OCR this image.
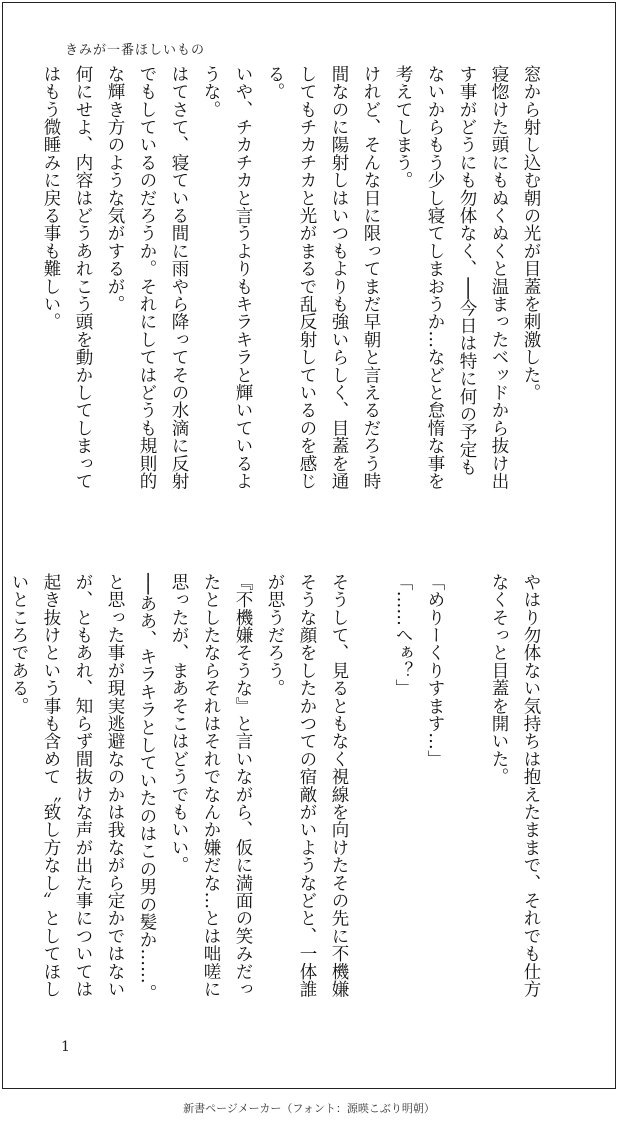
きみが一番ほしいもの

窓から射し込む朝の光が目蓋を刺激した。

寝惚けた頭にもぬくぬくと温まったベッドから抜け出

す事がどうにも勿体なく、──今日は特に何の予定も

ないからもう少し寝てしまおうか…などと怠惰な事を

考えてしまう。

けれど、そんな日に限ってまだ早朝と言えるだろう時

間なのに陽射しはいつもよりも強いらしく、目蓋を通

してもチカチカと光がまるで乱反射しているのを感じ

る。

いや、チカチカと言うよりもキラキラと輝いているよ

うな。

はてさて、寝ている間に雨やら降ってその水滴に反射

でもしているのだろうか。それにしてはどうも規則的

な輝き方のような気がするが。

何にせよ、内容はどうあれこう頭を動かしてしまって

はもう微睡みに戻る事も難しい。

やはり勿体ない気持ちは抱えたままで、それでも仕方

なくそっと目蓋を開いた。

「めりーくりすます…」

「……へぁ？」

そうして、見るともなく視線を向けたその先に不機嫌

そうな顔をしたかつての宿敵がいようなどと、一体誰

が思うだろう。

『不機嫌そうな』と言いながら、仮に満面の笑みだっ

たとしたならそれはそれでなんか嫌だな…とは咄嗟に

思ったが、まあそこはどうでもいい。

──ああ、キラキラとしていたのはこの男の髪か……。

と思った事が現実逃避なのかは我ながら定かではない

が、ともあれ、知らず間抜けな声が出た事については

起き抜けという事も含めて〝致し方なし〟としてほし

いところである。

1
新書ページメーカー（フォント：源暎こぶり明朝）
